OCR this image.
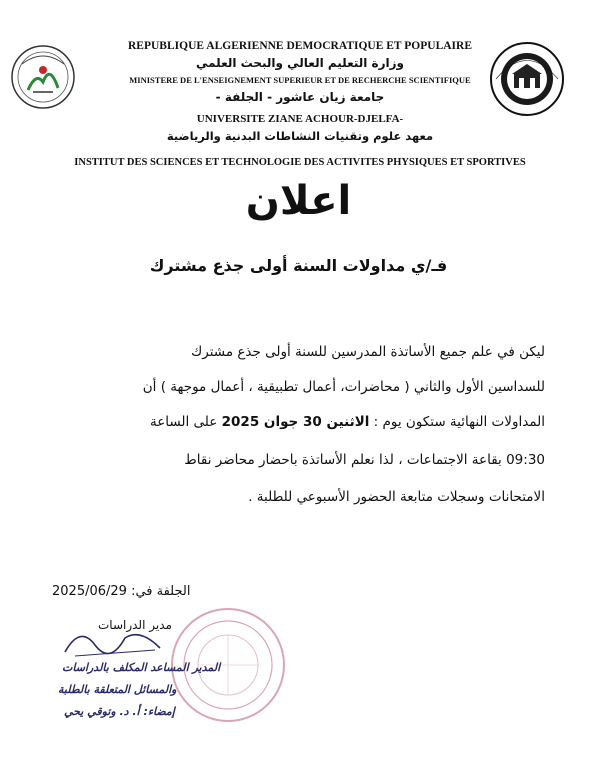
REPUBLIQUE ALGERIENNE DEMOCRATIQUE ET POPULAIRE
وزارة التعليم العالي والبحث العلمي
MINISTERE DE L'ENSEIGNEMENT SUPERIEUR ET DE RECHERCHE SCIENTIFIQUE
جامعة زيان عاشور - الجلفة -
UNIVERSITE ZIANE ACHOUR-DJELFA-
معهد علوم وتقنيات النشاطات البدنية والرياضية
INSTITUT DES SCIENCES ET TECHNOLOGIE DES ACTIVITES PHYSIQUES ET SPORTIVES
اعلان
فـ/ي مداولات السنة أولى جذع مشترك
ليكن في علم جميع الأساتذة المدرسين للسنة أولى جذع مشترك
للسداسين الأول والثاني ( محاضرات، أعمال تطبيقية ، أعمال موجهة ) أن
المداولات النهائية ستكون يوم : الاثنين 30 جوان 2025 على الساعة
09:30 بقاعة الاجتماعات ، لذا نعلم الأساتذة باحضار محاضر نقاط
الامتحانات وسجلات متابعة الحضور الأسبوعي للطلبة .
الجلفة في: 2025/06/29
مدير الدراسات
المدير المساعد المكلف بالدراسات
والمسائل المتعلقة بالطلبة
إمضاء: أ. د. وتوقي يحي
